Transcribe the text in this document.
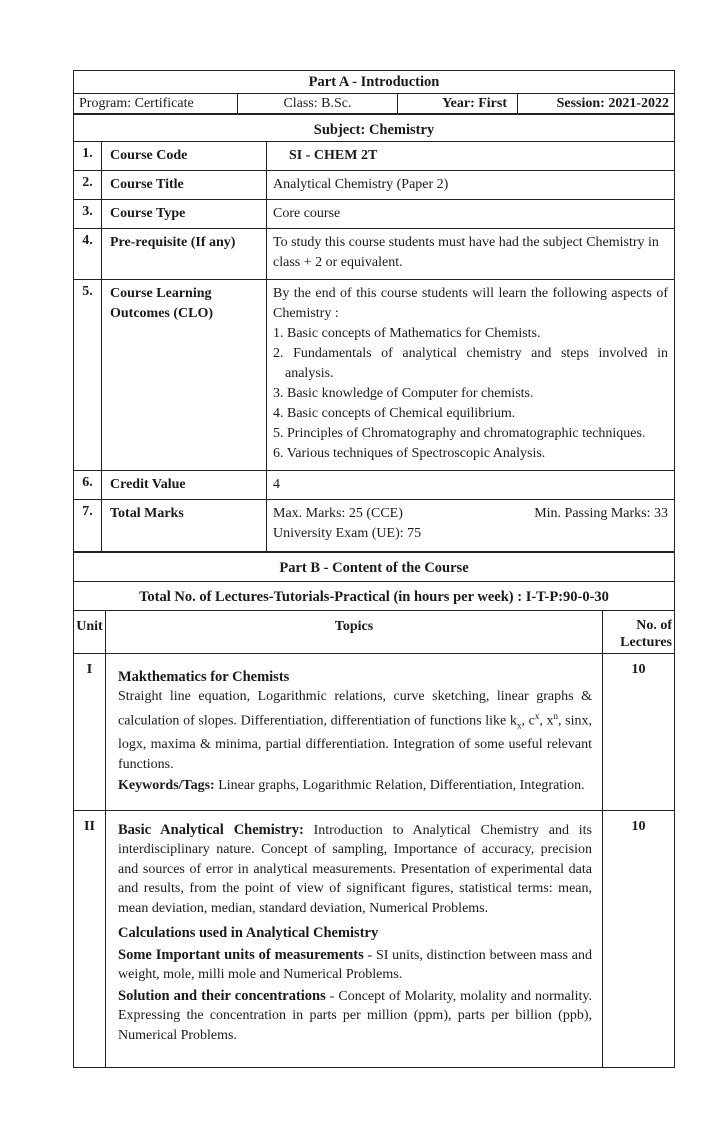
Part A - Introduction
Program: Certificate	Class: B.Sc.	Year: First	Session: 2021-2022
Subject: Chemistry
1.	Course Code	SI - CHEM 2T
2.	Course Title	Analytical Chemistry (Paper 2)
3.	Course Type	Core course
4.	Pre-requisite (If any)	To study this course students must have had the subject Chemistry in class + 2 or equivalent.
5.	Course Learning Outcomes (CLO)	
By the end of this course students will learn the following aspects of Chemistry :
1. Basic concepts of Mathematics for Chemists.
2. Fundamentals of analytical chemistry and steps involved in analysis.
3. Basic knowledge of Computer for chemists.
4. Basic concepts of Chemical equilibrium.
5. Principles of Chromatography and chromatographic techniques.
6. Various techniques of Spectroscopic Analysis.

6.	Credit Value	4
7.	Total Marks	Max. Marks: 25 (CCE) Min. Passing Marks: 33
University Exam (UE): 75
Part B - Content of the Course
Total No. of Lectures-Tutorials-Practical (in hours per week) : I-T-P:90-0-30
Unit	Topics	No. of
Lectures

I	Makthematics for Chemists

Straight line equation, Logarithmic relations, curve sketching, linear graphs & calculation of slopes. Differentiation, differentiation of functions like $k_x$, $c^x$, $x^n$, sinx, logx, maxima & minima, partial differentiation. Integration of some useful relevant functions.

Keywords/Tags: Linear graphs, Logarithmic Relation, Differentiation, Integration.	10
II	Basic Analytical Chemistry: Introduction to Analytical Chemistry and its interdisciplinary nature. Concept of sampling, Importance of accuracy, precision and sources of error in analytical measurements. Presentation of experimental data and results, from the point of view of significant figures, statistical terms: mean, mean deviation, median, standard deviation, Numerical Problems.

Calculations used in Analytical Chemistry

Some Important units of measurements - SI units, distinction between mass and weight, mole, milli mole and Numerical Problems.

Solution and their concentrations - Concept of Molarity, molality and normality. Expressing the concentration in parts per million (ppm), parts per billion (ppb), Numerical Problems.	10
